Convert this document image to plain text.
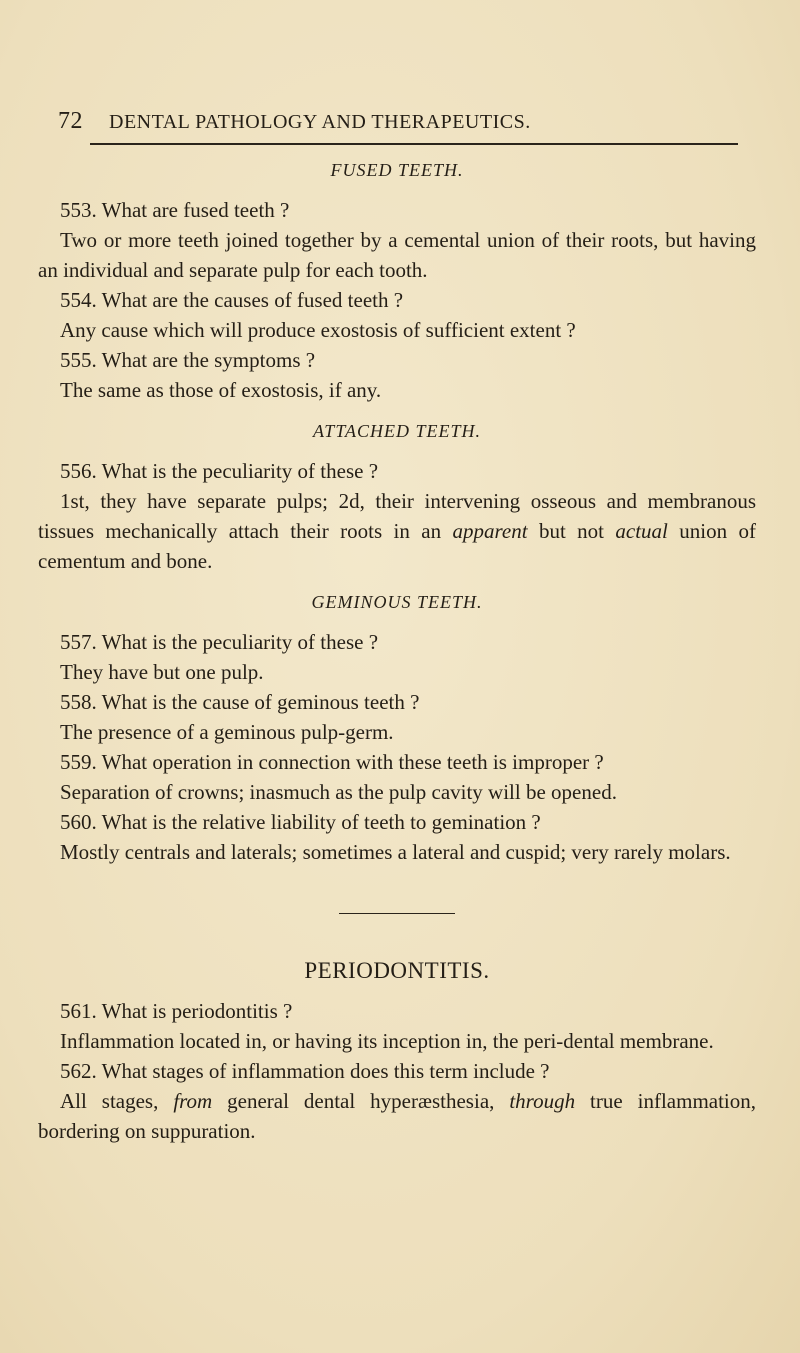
72 DENTAL PATHOLOGY AND THERAPEUTICS.

FUSED TEETH.

553. What are fused teeth ?

Two or more teeth joined together by a cemental union of their roots, but having an individual and separate pulp for each tooth.

554. What are the causes of fused teeth ?

Any cause which will produce exostosis of sufficient extent ?

555. What are the symptoms ?

The same as those of exostosis, if any.

ATTACHED TEETH.

556. What is the peculiarity of these ?

1st, they have separate pulps; 2d, their intervening osseous and membranous tissues mechanically attach their roots in an apparent but not actual union of cementum and bone.

GEMINOUS TEETH.

557. What is the peculiarity of these ?

They have but one pulp.

558. What is the cause of geminous teeth ?

The presence of a geminous pulp-germ.

559. What operation in connection with these teeth is improper ?

Separation of crowns; inasmuch as the pulp cavity will be opened.

560. What is the relative liability of teeth to gemination ?

Mostly centrals and laterals; sometimes a lateral and cuspid; very rarely molars.

PERIODONTITIS.

561. What is periodontitis ?

Inflammation located in, or having its inception in, the peri-dental membrane.

562. What stages of inflammation does this term include ?

All stages, from general dental hyperæsthesia, through true inflammation, bordering on suppuration.
